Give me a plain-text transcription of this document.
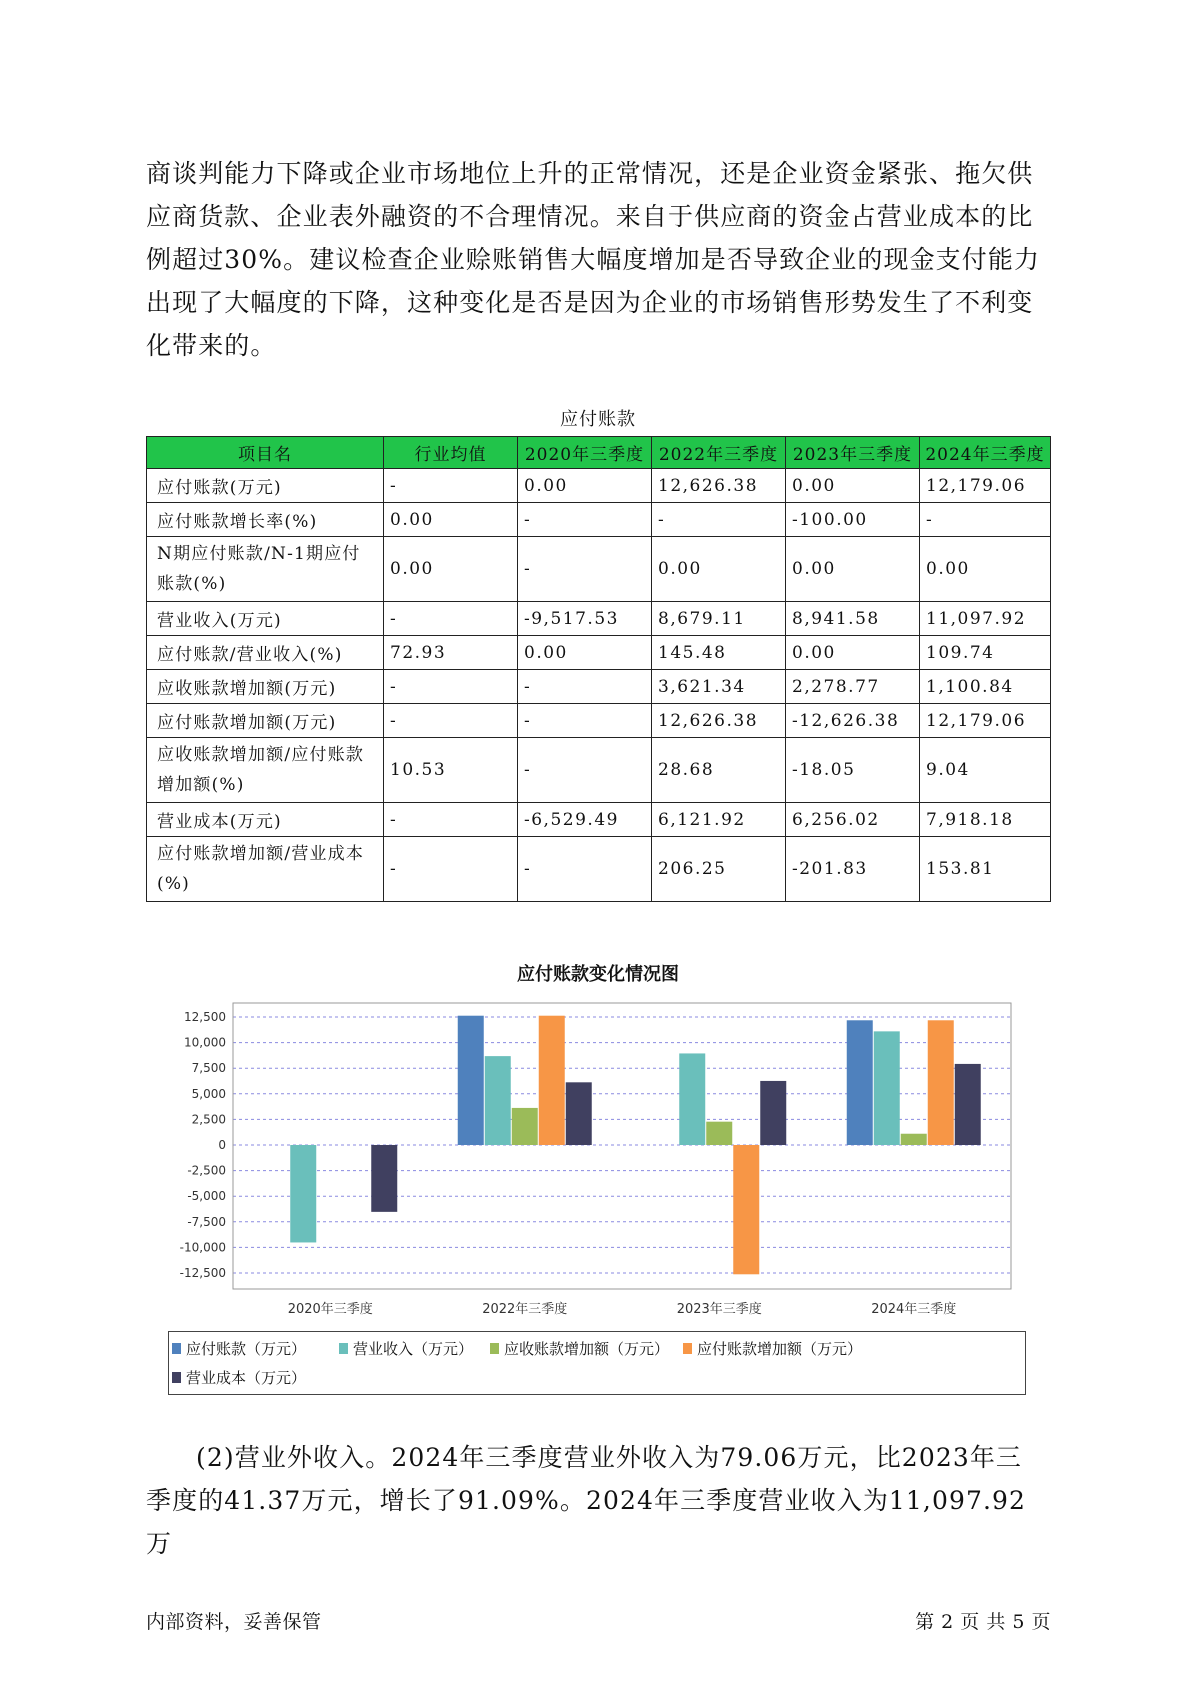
商谈判能力下降或企业市场地位上升的正常情况，还是企业资金紧张、拖欠供应商货款、企业表外融资的不合理情况。来自于供应商的资金占营业成本的比例超过30%。建议检查企业赊账销售大幅度增加是否导致企业的现金支付能力出现了大幅度的下降，这种变化是否是因为企业的市场销售形势发生了不利变化带来的。

应付账款
项目名	行业均值	2020年三季度	2022年三季度	2023年三季度	2024年三季度
应付账款(万元)	-	0.00	12,626.38	0.00	12,179.06
应付账款增长率(%)	0.00	-	-	-100.00	-
N期应付账款/N-1期应付账款(%)	0.00	-	0.00	0.00	0.00
营业收入(万元)	-	-9,517.53	8,679.11	8,941.58	11,097.92
应付账款/营业收入(%)	72.93	0.00	145.48	0.00	109.74
应收账款增加额(万元)	-	-	3,621.34	2,278.77	1,100.84
应付账款增加额(万元)	-	-	12,626.38	-12,626.38	12,179.06
应收账款增加额/应付账款增加额(%)	10.53	-	28.68	-18.05	9.04
营业成本(万元)	-	-6,529.49	6,121.92	6,256.02	7,918.18
应付账款增加额/营业成本(%)	-	-	206.25	-201.83	153.81
应付账款变化情况图
12,500
10,000
7,500
5,000
2,500
0
-2,500
-5,000
-7,500
-10,000
-12,500
2020年三季度	2022年三季度	2023年三季度	2024年三季度
应付账款（万元）	营业收入（万元） 应收账款增加额（万元） 应付账款增加额（万元）
营业成本（万元）

(2)营业外收入。2024年三季度营业外收入为79.06万元，比2023年三季度的41.37万元，增长了91.09%。2024年三季度营业收入为11,097.92万

内部资料，妥善保管	第 2 页 共 5 页
